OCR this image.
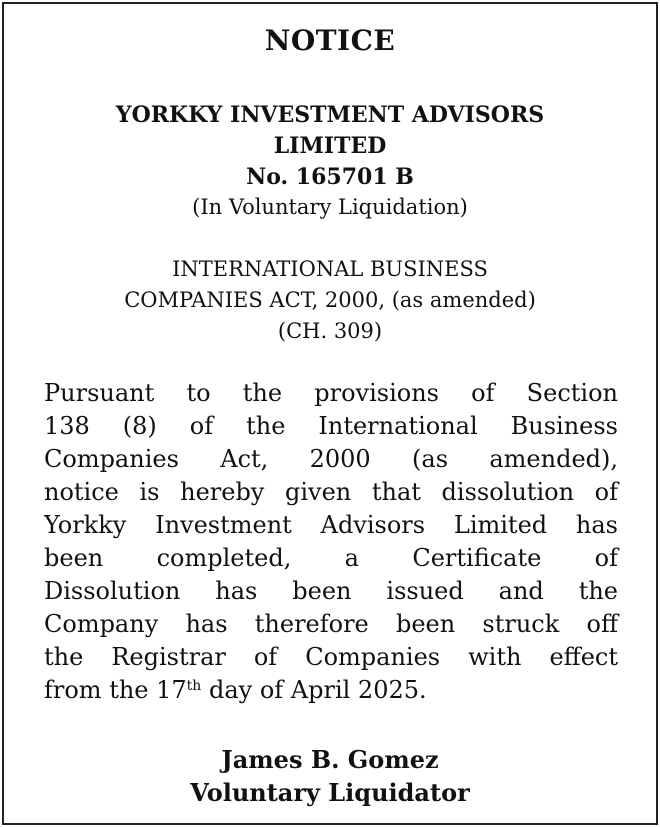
NOTICE
YORKKY INVESTMENT ADVISORS
LIMITED
No. 165701 B
(In Voluntary Liquidation)
INTERNATIONAL BUSINESS
COMPANIES ACT, 2000, (as amended)
(CH. 309)
Pursuant to the provisions of Section
138 (8) of the International Business
Companies Act, 2000 (as amended),
notice is hereby given that dissolution of
Yorkky Investment Advisors Limited has
been completed, a Certificate of
Dissolution has been issued and the
Company has therefore been struck off
the Registrar of Companies with effect
from the 17th day of April 2025.
James B. Gomez
Voluntary Liquidator
